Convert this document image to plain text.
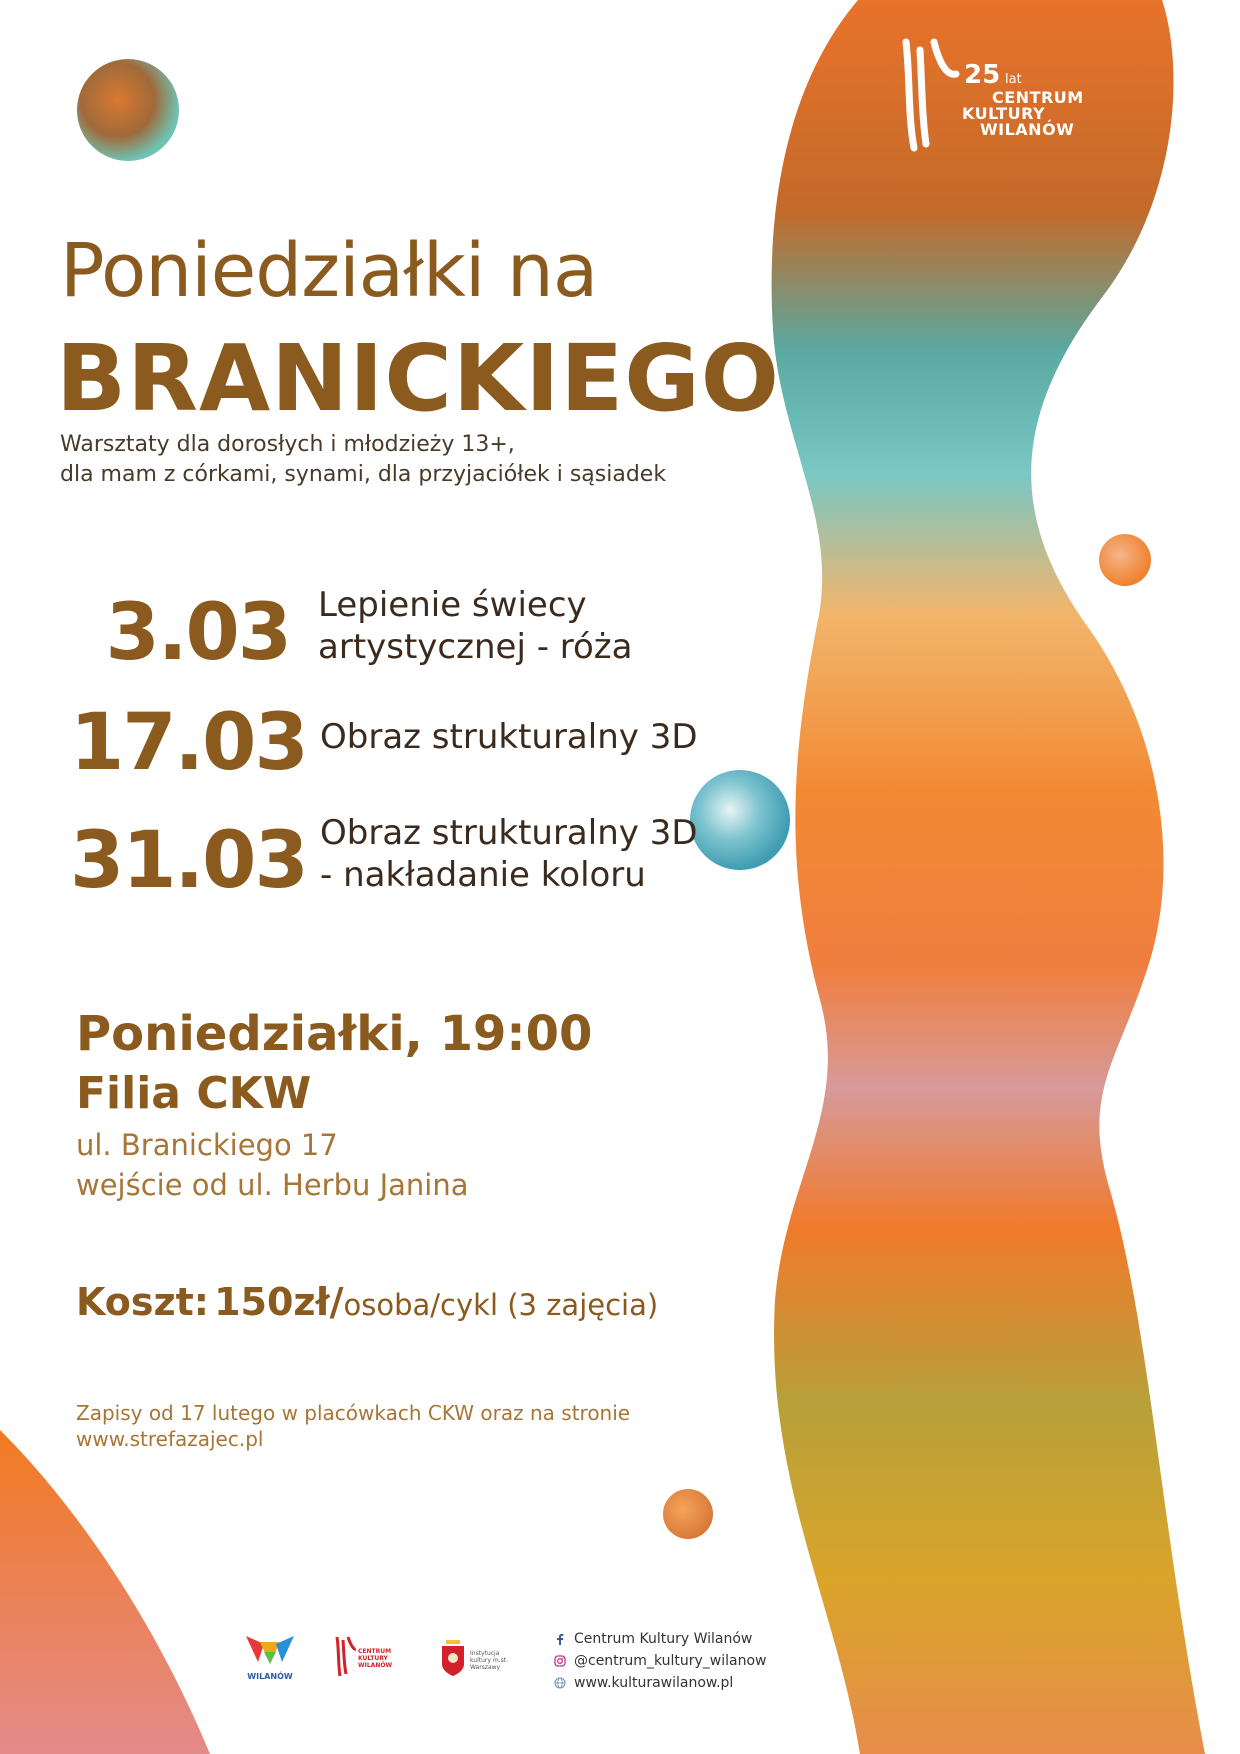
25 lat
CENTRUM
KULTURY
WILANÓW
Poniedziałki na
BRANICKIEGO
Warsztaty dla dorosłych i młodzieży 13+,
dla mam z córkami, synami, dla przyjaciółek i sąsiadek
3.03 Lepienie świecy
artystycznej - róża
17.03 Obraz strukturalny 3D
31.03 Obraz strukturalny 3D
- nakładanie koloru
Poniedziałki, 19:00
Filia CKW
ul. Branickiego 17
wejście od ul. Herbu Janina
Koszt: 150zł/osoba/cykl (3 zajęcia)
Zapisy od 17 lutego w placówkach CKW oraz na stronie
www.strefazajec.pl
WILANÓW
CENTRUM KULTURY WILANÓW
Instytucja kultury m.st. Warszawy
Centrum Kultury Wilanów
@centrum_kultury_wilanow
www.kulturawilanow.pl
